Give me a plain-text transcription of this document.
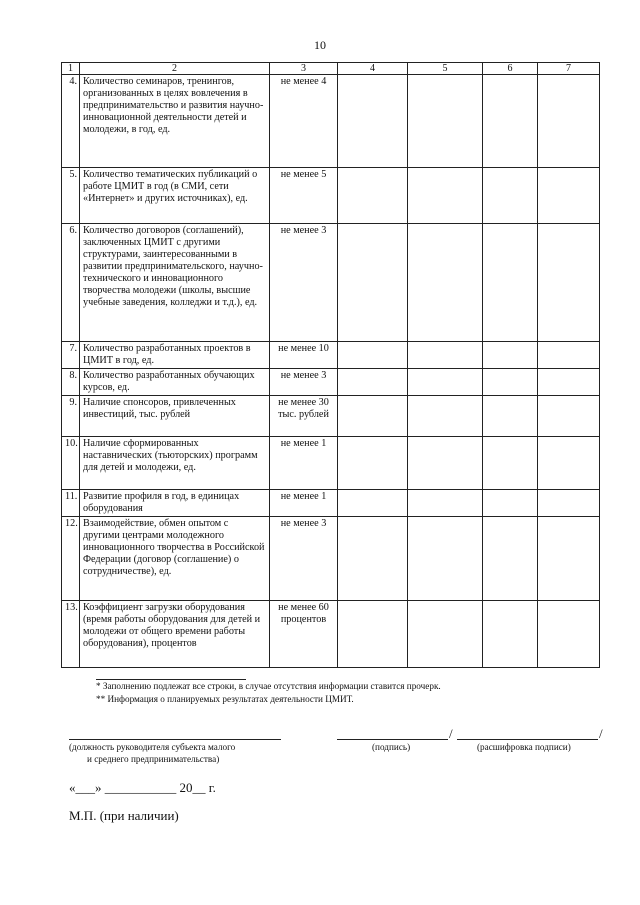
10
1	2	3	4	5	6	7
4.	Количество семинаров, тренингов, организованных в целях вовлечения в предпринимательство и развития научно-инновационной деятельности детей и молодежи, в год, ед.	не менее 4				
5.	Количество тематических публикаций о работе ЦМИТ в год (в СМИ, сети «Интернет» и других источниках), ед.	не менее 5				
6.	Количество договоров (соглашений), заключенных ЦМИТ с другими структурами, заинтересованными в развитии предпринимательского, научно-технического и инновационного творчества молодежи (школы, высшие учебные заведения, колледжи и т.д.), ед.	не менее 3				
7.	Количество разработанных проектов в ЦМИТ в год, ед.	не менее 10				
8.	Количество разработанных обучающих курсов, ед.	не менее 3				
9.	Наличие спонсоров, привлеченных инвестиций, тыс. рублей	не менее 30 тыс. рублей				
10.	Наличие сформированных наставнических (тьюторских) программ для детей и молодежи, ед.	не менее 1				
11.	Развитие профиля в год, в единицах оборудования	не менее 1				
12.	Взаимодействие, обмен опытом с другими центрами молодежного инновационного творчества в Российской Федерации (договор (соглашение) о сотрудничестве), ед.	не менее 3				
13.	Коэффициент загрузки оборудования (время работы оборудования для детей и молодежи от общего времени работы оборудования), процентов	не менее 60 процентов				
* Заполнению подлежат все строки, в случае отсутствия информации ставится прочерк.
** Информация о планируемых результатах деятельности ЦМИТ.
/	/
(должность руководителя субъекта малого
и среднего предпринимательства)
(подпись)	(расшифровка подписи)
«___» ___________ 20__ г.
М.П. (при наличии)
